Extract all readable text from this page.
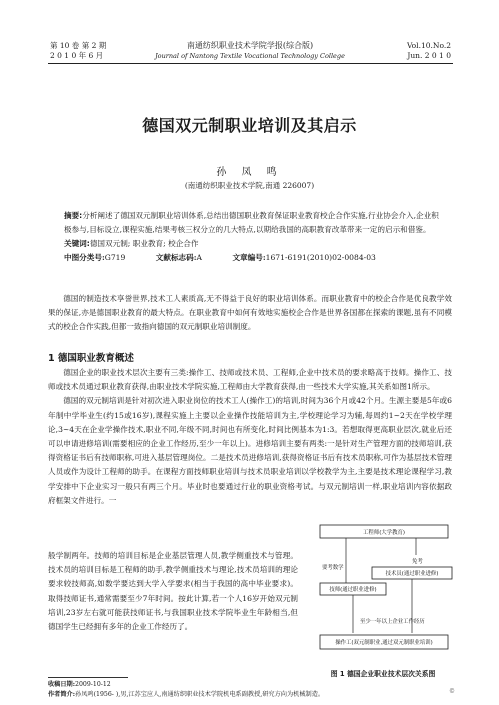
第 10 卷 第 2 期
2 0 1 0 年 6 月
南通纺织职业技术学院学报(综合版)
Journal of Nantong Textile Vocational Technology College
Vol.10.No.2
Jun. 2 0 1 0
德国双元制职业培训及其启示
孙 凤 鸣
(南通纺织职业技术学院,南通 226007)

摘要:分析阐述了德国双元制职业培训体系,总结出德国职业教育保证职业教育校企合作实施,行业协会介入,企业积极参与,目标设立,课程实施,结果考核三权分立的几大特点,以期给我国的高职教育改革带来一定的启示和借鉴。

关键词:德国双元制; 职业教育; 校企合作

中图分类号:G719	文献标志码:A	文章编号:1671-6191(2010)02-0084-03

德国的制造技术享誉世界,技术工人素质高,无不得益于良好的职业培训体系。而职业教育中的校企合作是优良教学效果的保证,亦是德国职业教育的最大特点。在职业教育中如何有效地实施校企合作是世界各国都在探索的课题,虽有不同模式的校企合作实践,但都一致指向德国的双元制职业培训制度。

1 德国职业教育概述

德国企业的职业技术层次主要有三类:操作工、技师或技术员、工程师,企业中技术员的要求略高于技师。操作工、技师或技术员通过职业教育获得,由职业技术学院实施,工程师由大学教育获得,由一些技术大学实施,其关系如图1所示。

德国的双元制培训是针对初次进入职业岗位的技术工人(操作工)的培训,时间为36个月或42个月。生源主要是5年或6年制中学毕业生(约15或16岁),课程实施上主要以企业操作技能培训为主,学校理论学习为辅,每周约1~2天在学校学理论,3~4天在企业学操作技术,职业不同,年级不同,时间也有所变化,时间比例基本为1:3。若想取得更高职业层次,就业后还可以申请进修培训(需要相应的企业工作经历,至少一年以上)。进修培训主要有两类:一是针对生产管理方面的技师培训,获得资格证书后有技师职称,可进入基层管理岗位。二是技术员进修培训,获得资格证书后有技术员职称,可作为基层技术管理人员或作为设计工程师的助手。在课程方面技师职业培训与技术员职业培训以学校教学为主,主要是技术理论课程学习,教学安排中下企业实习一般只有两三个月。毕业时也要通过行业的职业资格考试。与双元制培训一样,职业培训内容依据政府框架文件进行。一

般学制两年。技师的培训目标是企业基层管理人员,教学侧重技术与管理。技术员的培训目标是工程师的助手,教学侧重技术与理论,技术员培训的理论要求较技师高,如数学要达到大学入学要求(相当于我国的高中毕业要求)。取得技师证书,通常需要至少7年时间。按此计算,若一个人16岁开始双元制培训,23岁左右就可能获技师证书,与我国职业技术学院毕业生年龄相当,但德国学生已经拥有多年的企业工作经历了。

工程师(大学教育)
要考数学
免考
技术员(通过职业进修)
技师(通过职业进修)
至少一年以上企业工作经历
操作工(双元制职业,通过双元制职业培训)
图 1 德国企业职业技术层次关系图
收稿日期:2009-10-12
作者简介:孙凤鸣(1956- ),男,江苏宝应人,南通纺织职业技术学院机电系副教授,研究方向为机械制造。	©
